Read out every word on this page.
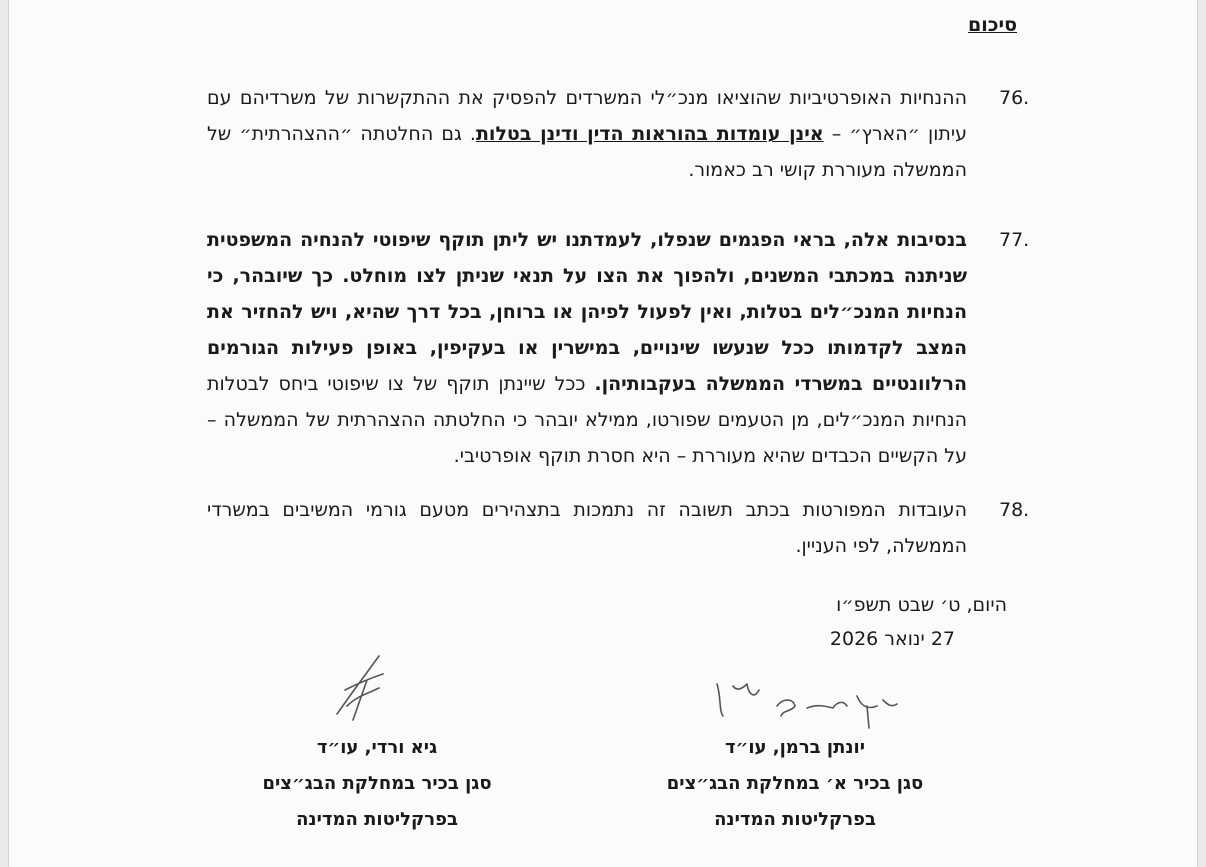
סיכום
76.

ההנחיות האופרטיביות שהוציאו מנכ״לי המשרדים להפסיק את ההתקשרות של משרדיהם עם עיתון ״הארץ״ – אינן עומדות בהוראות הדין ודינן בטלות. גם החלטתה ״ההצהרתית״ של הממשלה מעוררת קושי רב כאמור.

77.

בנסיבות אלה, בראי הפגמים שנפלו, לעמדתנו יש ליתן תוקף שיפוטי להנחיה המשפטית שניתנה במכתבי המשנים, ולהפוך את הצו על תנאי שניתן לצו מוחלט. כך שיובהר, כי הנחיות המנכ״לים בטלות, ואין לפעול לפיהן או ברוחן, בכל דרך שהיא, ויש להחזיר את המצב לקדמותו ככל שנעשו שינויים, במישרין או בעקיפין, באופן פעילות הגורמים הרלוונטיים במשרדי הממשלה בעקבותיהן. ככל שיינתן תוקף של צו שיפוטי ביחס לבטלות הנחיות המנכ״לים, מן הטעמים שפורטו, ממילא יובהר כי החלטתה ההצהרתית של הממשלה – על הקשיים הכבדים שהיא מעוררת – היא חסרת תוקף אופרטיבי.

78.

העובדות המפורטות בכתב תשובה זה נתמכות בתצהירים מטעם גורמי המשיבים במשרדי הממשלה, לפי העניין.

היום, ט׳ שבט תשפ״ו
27 ינואר 2026
יונתן ברמן, עו״ד
סגן בכיר א׳ במחלקת הבג״צים
בפרקליטות המדינה
גיא ורדי, עו״ד
סגן בכיר במחלקת הבג״צים
בפרקליטות המדינה
